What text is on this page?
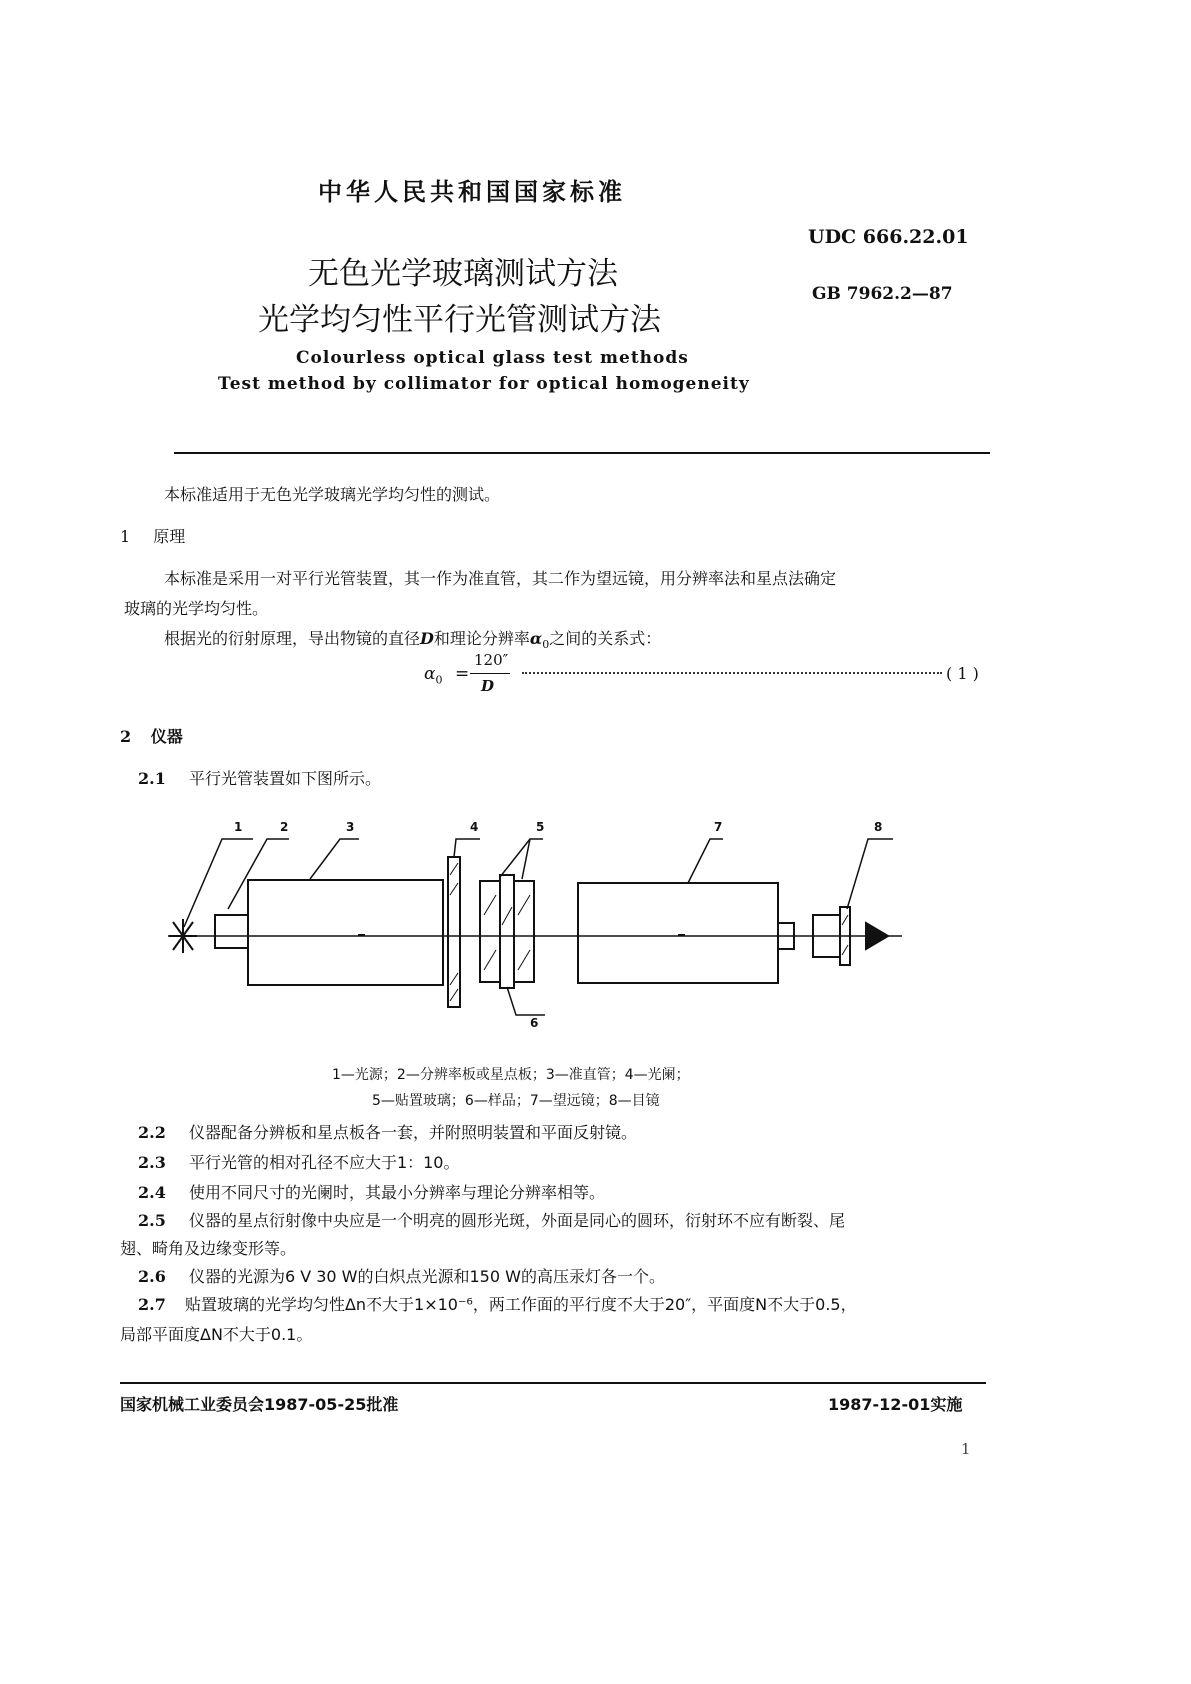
中华人民共和国国家标准
UDC 666.22.01
GB 7962.2—87
无色光学玻璃测试方法
光学均匀性平行光管测试方法
Colourless optical glass test methods
Test method by collimator for optical homogeneity
本标准适用于无色光学玻璃光学均匀性的测试。
1 原理
本标准是采用一对平行光管装置，其一作为准直管，其二作为望远镜，用分辨率法和星点法确定
玻璃的光学均匀性。
根据光的衍射原理，导出物镜的直径D和理论分辨率$\alpha_0$之间的关系式：
$\alpha_0$ =
120″
D
( 1 )
2 仪器
2.1 平行光管装置如下图所示。
1	2	3	4	5
6
7	8
1—光源；2—分辨率板或星点板；3—准直管；4—光阑；
5—贴置玻璃；6—样品；7—望远镜；8—目镜
2.2 仪器配备分辨板和星点板各一套，并附照明装置和平面反射镜。
2.3 平行光管的相对孔径不应大于1：10。
2.4 使用不同尺寸的光阑时，其最小分辨率与理论分辨率相等。
2.5 仪器的星点衍射像中央应是一个明亮的圆形光斑，外面是同心的圆环，衍射环不应有断裂、尾
翅、畸角及边缘变形等。
2.6 仪器的光源为6 V 30 W的白炽点光源和150 W的高压汞灯各一个。
2.7 贴置玻璃的光学均匀性Δn不大于1×10⁻⁶，两工作面的平行度不大于20″，平面度N不大于0.5，
局部平面度ΔN不大于0.1。
国家机械工业委员会1987-05-25批准	1987-12-01实施
1
